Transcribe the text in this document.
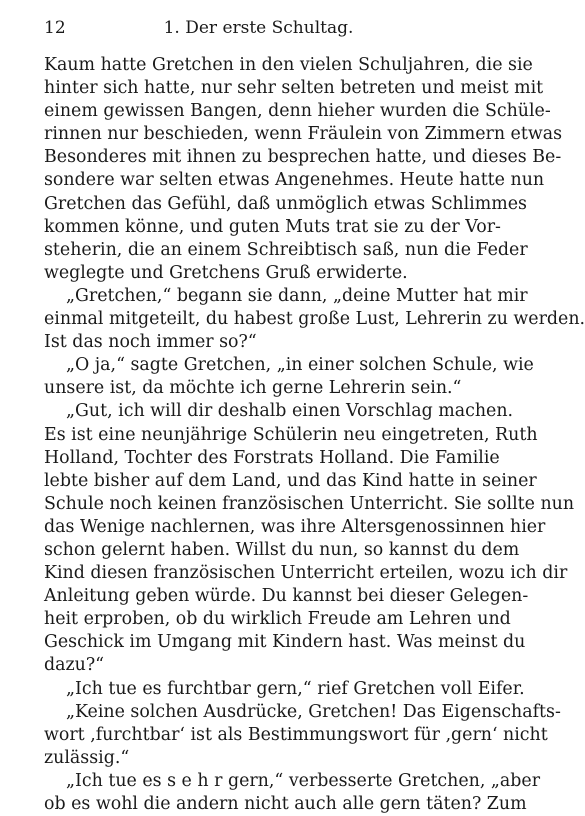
12	1. Der erste Schultag.
Kaum hatte Gretchen in den vielen Schuljahren, die sie
hinter sich hatte, nur sehr selten betreten und meist mit
einem gewissen Bangen, denn hieher wurden die Schüle-
rinnen nur beschieden, wenn Fräulein von Zimmern etwas
Besonderes mit ihnen zu besprechen hatte, und dieses Be-
sondere war selten etwas Angenehmes. Heute hatte nun
Gretchen das Gefühl, daß unmöglich etwas Schlimmes
kommen könne, und guten Muts trat sie zu der Vor-
steherin, die an einem Schreibtisch saß, nun die Feder
weglegte und Gretchens Gruß erwiderte.
„Gretchen,“ begann sie dann, „deine Mutter hat mir
einmal mitgeteilt, du habest große Lust, Lehrerin zu werden.
Ist das noch immer so?“
„O ja,“ sagte Gretchen, „in einer solchen Schule, wie
unsere ist, da möchte ich gerne Lehrerin sein.“
„Gut, ich will dir deshalb einen Vorschlag machen.
Es ist eine neunjährige Schülerin neu eingetreten, Ruth
Holland, Tochter des Forstrats Holland. Die Familie
lebte bisher auf dem Land, und das Kind hatte in seiner
Schule noch keinen französischen Unterricht. Sie sollte nun
das Wenige nachlernen, was ihre Altersgenossinnen hier
schon gelernt haben. Willst du nun, so kannst du dem
Kind diesen französischen Unterricht erteilen, wozu ich dir
Anleitung geben würde. Du kannst bei dieser Gelegen-
heit erproben, ob du wirklich Freude am Lehren und
Geschick im Umgang mit Kindern hast. Was meinst du
dazu?“
„Ich tue es furchtbar gern,“ rief Gretchen voll Eifer.
„Keine solchen Ausdrücke, Gretchen! Das Eigenschafts-
wort ‚furchtbar‘ ist als Bestimmungswort für ‚gern‘ nicht
zulässig.“
„Ich tue es s e h r gern,“ verbesserte Gretchen, „aber
ob es wohl die andern nicht auch alle gern täten? Zum
